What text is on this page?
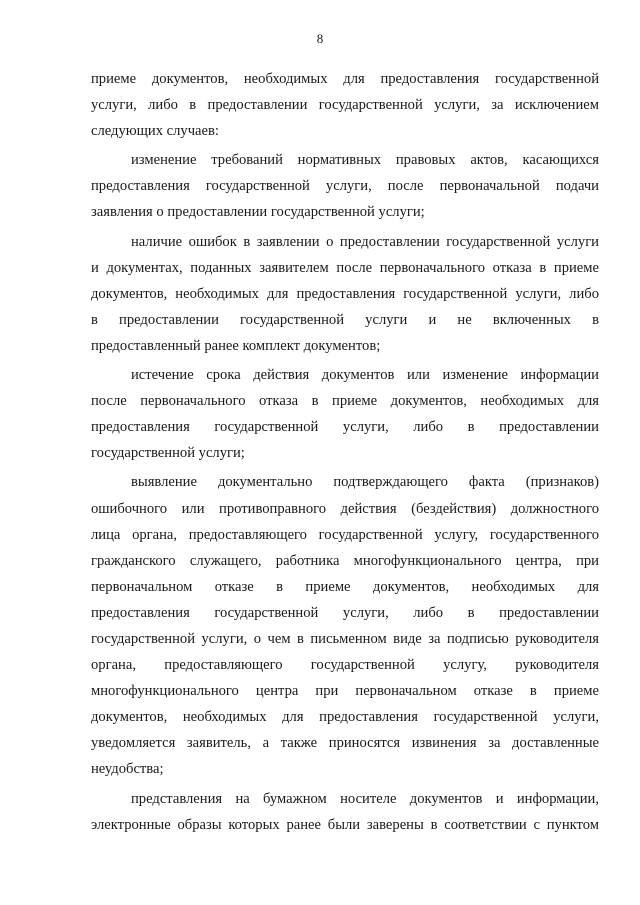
8
приеме документов, необходимых для предоставления государственной
услуги, либо в предоставлении государственной услуги, за исключением
следующих случаев:
изменение требований нормативных правовых актов, касающихся
предоставления государственной услуги, после первоначальной подачи
заявления о предоставлении государственной услуги;
наличие ошибок в заявлении о предоставлении государственной услуги
и документах, поданных заявителем после первоначального отказа в приеме
документов, необходимых для предоставления государственной услуги, либо
в предоставлении государственной услуги и не включенных в
предоставленный ранее комплект документов;
истечение срока действия документов или изменение информации
после первоначального отказа в приеме документов, необходимых для
предоставления государственной услуги, либо в предоставлении
государственной услуги;
выявление документально подтверждающего факта (признаков)
ошибочного или противоправного действия (бездействия) должностного
лица органа, предоставляющего государственной услугу, государственного
гражданского служащего, работника многофункционального центра, при
первоначальном отказе в приеме документов, необходимых для
предоставления государственной услуги, либо в предоставлении
государственной услуги, о чем в письменном виде за подписью руководителя
органа, предоставляющего государственной услугу, руководителя
многофункционального центра при первоначальном отказе в приеме
документов, необходимых для предоставления государственной услуги,
уведомляется заявитель, а также приносятся извинения за доставленные
неудобства;
представления на бумажном носителе документов и информации,
электронные образы которых ранее были заверены в соответствии с пунктом
